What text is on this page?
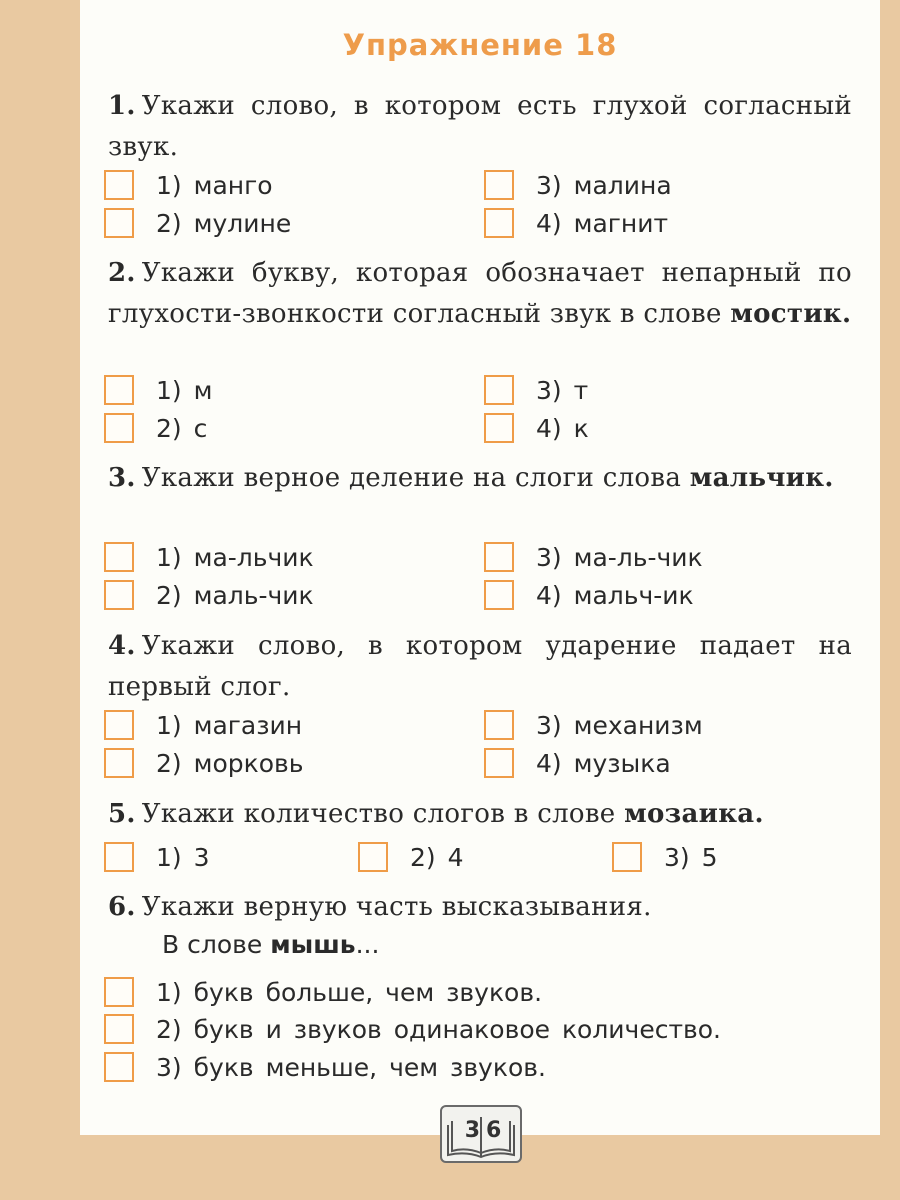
Упражнение 18
1. Укажи слово, в котором есть глухой согласный звук.
1) манго
2) мулине
3) малина
4) магнит
2. Укажи букву, которая обозначает непарный по глухости-звонкости согласный звук в слове мостик.
1) м
2) с
3) т
4) к
3. Укажи верное деление на слоги слова мальчик.
1) ма-льчик
2) маль-чик
3) ма-ль-чик
4) мальч-ик
4. Укажи слово, в котором ударение падает на первый слог.
1) магазин
2) морковь
3) механизм
4) музыка
5. Укажи количество слогов в слове мозаика.
1) 3	2) 4	3) 5
6. Укажи верную часть высказывания.
В слове мышь...
1) букв больше, чем звуков.
2) букв и звуков одинаковое количество.
3) букв меньше, чем звуков.
3 6
